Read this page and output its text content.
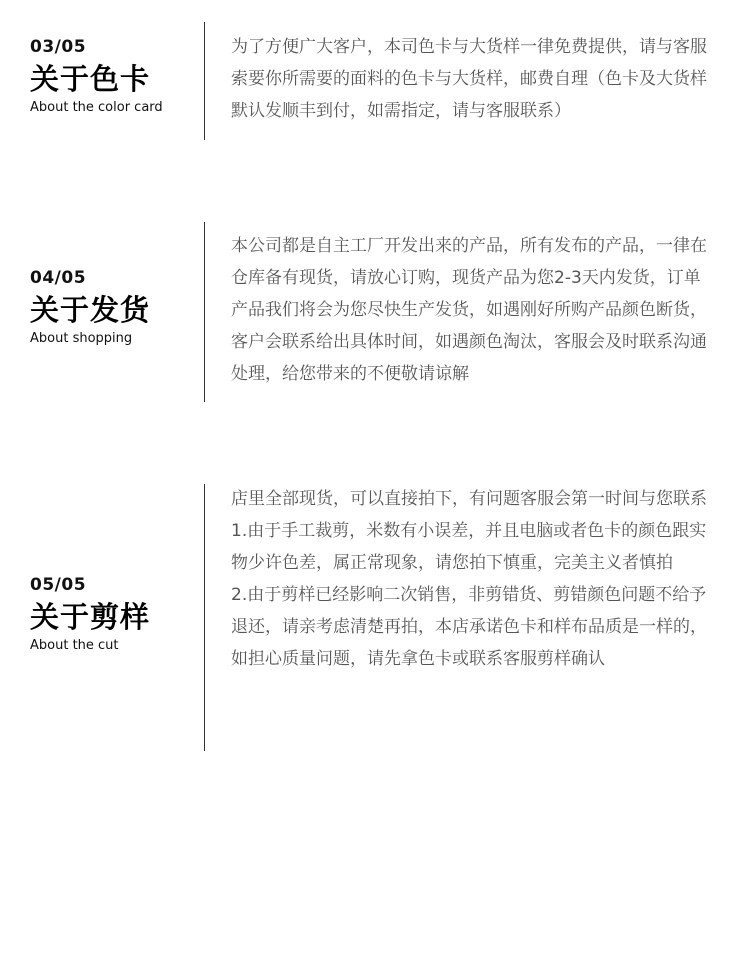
03/05
关于色卡
About the color card

为了方便广大客户，本司色卡与大货样一律免费提供，请与客服索要你所需要的面料的色卡与大货样，邮费自理（色卡及大货样默认发顺丰到付，如需指定，请与客服联系）

04/05
关于发货
About shopping

本公司都是自主工厂开发出来的产品，所有发布的产品，一律在仓库备有现货，请放心订购，现货产品为您2-3天内发货，订单产品我们将会为您尽快生产发货，如遇刚好所购产品颜色断货，客户会联系给出具体时间，如遇颜色淘汰，客服会及时联系沟通处理，给您带来的不便敬请谅解

05/05
关于剪样
About the cut

店里全部现货，可以直接拍下，有问题客服会第一时间与您联系

1.由于手工裁剪，米数有小误差，并且电脑或者色卡的颜色跟实物少许色差，属正常现象，请您拍下慎重，完美主义者慎拍

2.由于剪样已经影响二次销售，非剪错货、剪错颜色问题不给予退还，请亲考虑清楚再拍，本店承诺色卡和样布品质是一样的，如担心质量问题，请先拿色卡或联系客服剪样确认
